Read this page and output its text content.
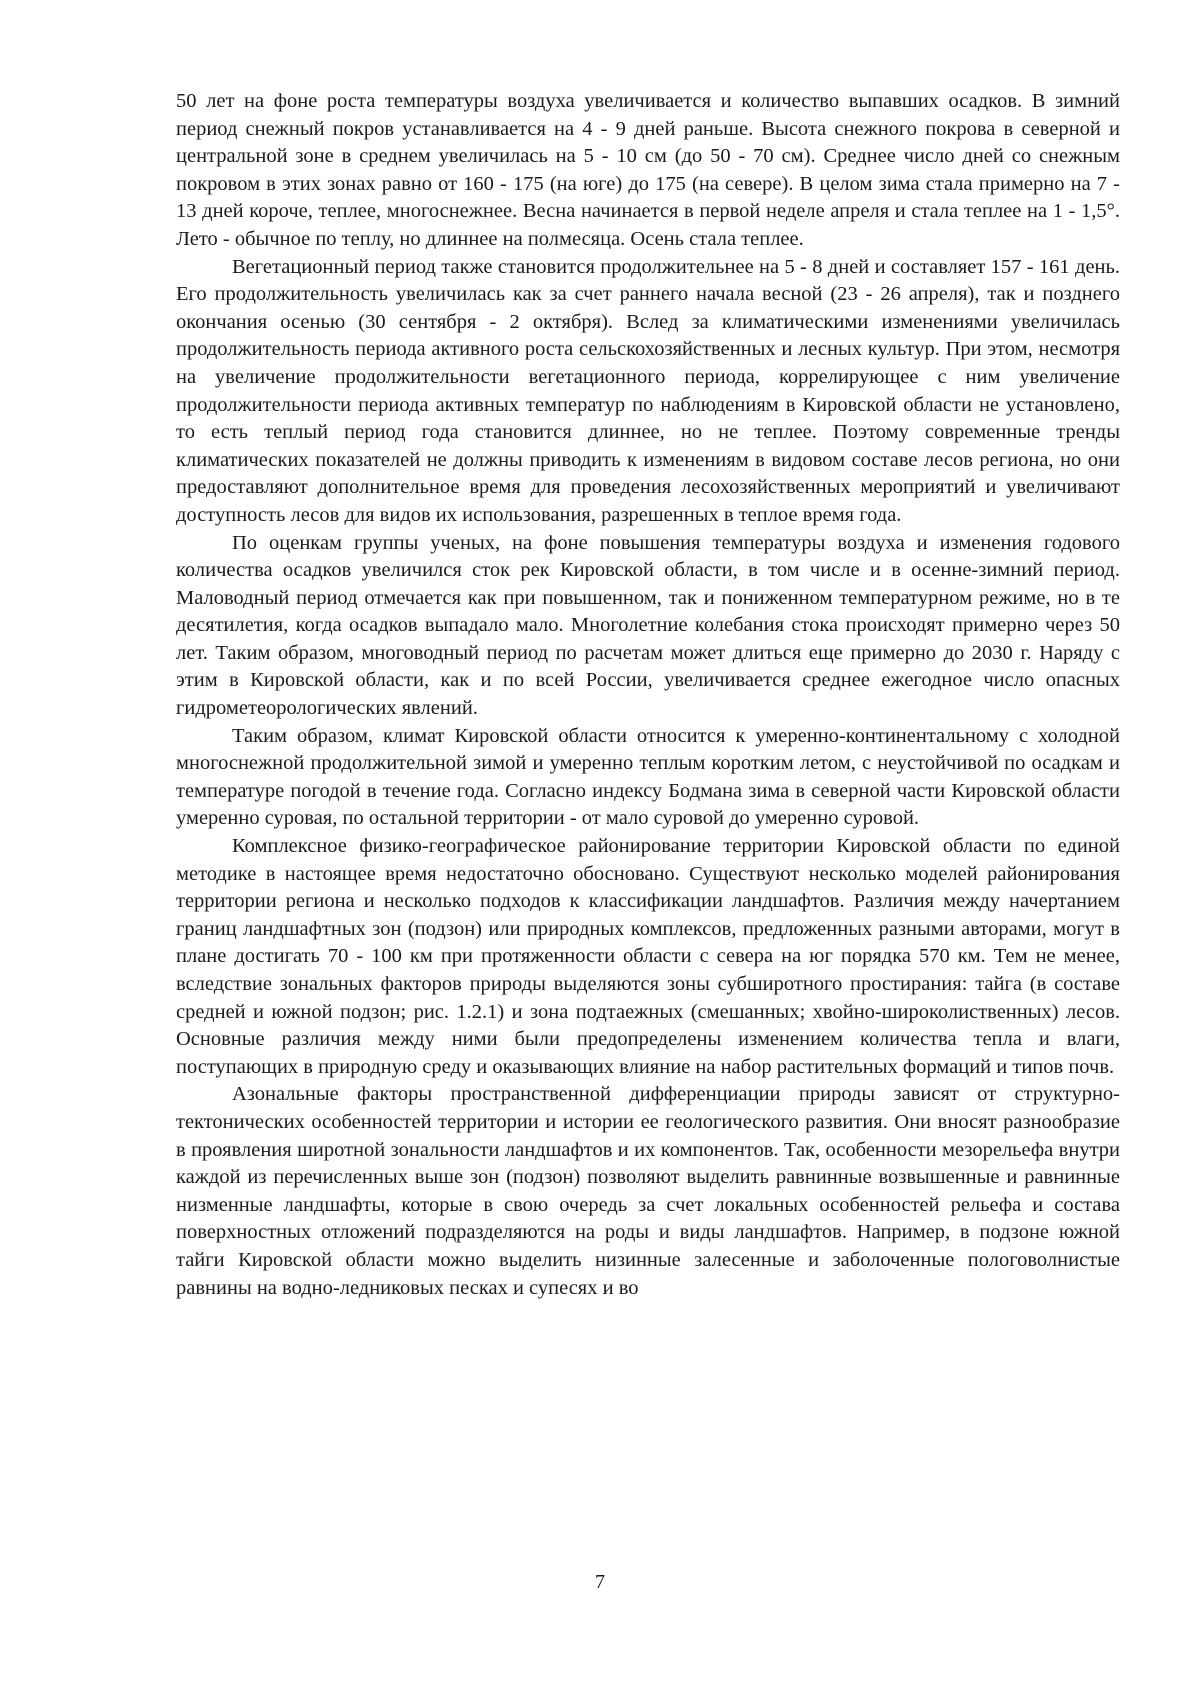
50 лет на фоне роста температуры воздуха увеличивается и количество выпавших осадков. В зимний период снежный покров устанавливается на 4 - 9 дней раньше. Высота снежного покрова в северной и центральной зоне в среднем увеличилась на 5 - 10 см (до 50 - 70 см). Среднее число дней со снежным покровом в этих зонах равно от 160 - 175 (на юге) до 175 (на севере). В целом зима стала примерно на 7 - 13 дней короче, теплее, многоснежнее. Весна начинается в первой неделе апреля и стала теплее на 1 - 1,5°. Лето - обычное по теплу, но длиннее на полмесяца. Осень стала теплее.

Вегетационный период также становится продолжительнее на 5 - 8 дней и составляет 157 - 161 день. Его продолжительность увеличилась как за счет раннего начала весной (23 - 26 апреля), так и позднего окончания осенью (30 сентября - 2 октября). Вслед за климатическими изменениями увеличилась продолжительность периода активного роста сельскохозяйственных и лесных культур. При этом, несмотря на увеличение продолжительности вегетационного периода, коррелирующее с ним увеличение продолжительности периода активных температур по наблюдениям в Кировской области не установлено, то есть теплый период года становится длиннее, но не теплее. Поэтому современные тренды климатических показателей не должны приводить к изменениям в видовом составе лесов региона, но они предоставляют дополнительное время для проведения лесохозяйственных мероприятий и увеличивают доступность лесов для видов их использования, разрешенных в теплое время года.

По оценкам группы ученых, на фоне повышения температуры воздуха и изменения годового количества осадков увеличился сток рек Кировской области, в том числе и в осенне-зимний период. Маловодный период отмечается как при повышенном, так и пониженном температурном режиме, но в те десятилетия, когда осадков выпадало мало. Многолетние колебания стока происходят примерно через 50 лет. Таким образом, многоводный период по расчетам может длиться еще примерно до 2030 г. Наряду с этим в Кировской области, как и по всей России, увеличивается среднее ежегодное число опасных гидрометеорологических явлений.

Таким образом, климат Кировской области относится к умеренно-континентальному с холодной многоснежной продолжительной зимой и умеренно теплым коротким летом, с неустойчивой по осадкам и температуре погодой в течение года. Согласно индексу Бодмана зима в северной части Кировской области умеренно суровая, по остальной территории - от мало суровой до умеренно суровой.

Комплексное физико-географическое районирование территории Кировской области по единой методике в настоящее время недостаточно обосновано. Существуют несколько моделей районирования территории региона и несколько подходов к классификации ландшафтов. Различия между начертанием границ ландшафтных зон (подзон) или природных комплексов, предложенных разными авторами, могут в плане достигать 70 - 100 км при протяженности области с севера на юг порядка 570 км. Тем не менее, вследствие зональных факторов природы выделяются зоны субширотного простирания: тайга (в составе средней и южной подзон; рис. 1.2.1) и зона подтаежных (смешанных; хвойно-широколиственных) лесов. Основные различия между ними были предопределены изменением количества тепла и влаги, поступающих в природную среду и оказывающих влияние на набор растительных формаций и типов почв.

Азональные факторы пространственной дифференциации природы зависят от структурно-тектонических особенностей территории и истории ее геологического развития. Они вносят разнообразие в проявления широтной зональности ландшафтов и их компонентов. Так, особенности мезорельефа внутри каждой из перечисленных выше зон (подзон) позволяют выделить равнинные возвышенные и равнинные низменные ландшафты, которые в свою очередь за счет локальных особенностей рельефа и состава поверхностных отложений подразделяются на роды и виды ландшафтов. Например, в подзоне южной тайги Кировской области можно выделить низинные залесенные и заболоченные пологоволнистые равнины на водно-ледниковых песках и супесях и во

7
